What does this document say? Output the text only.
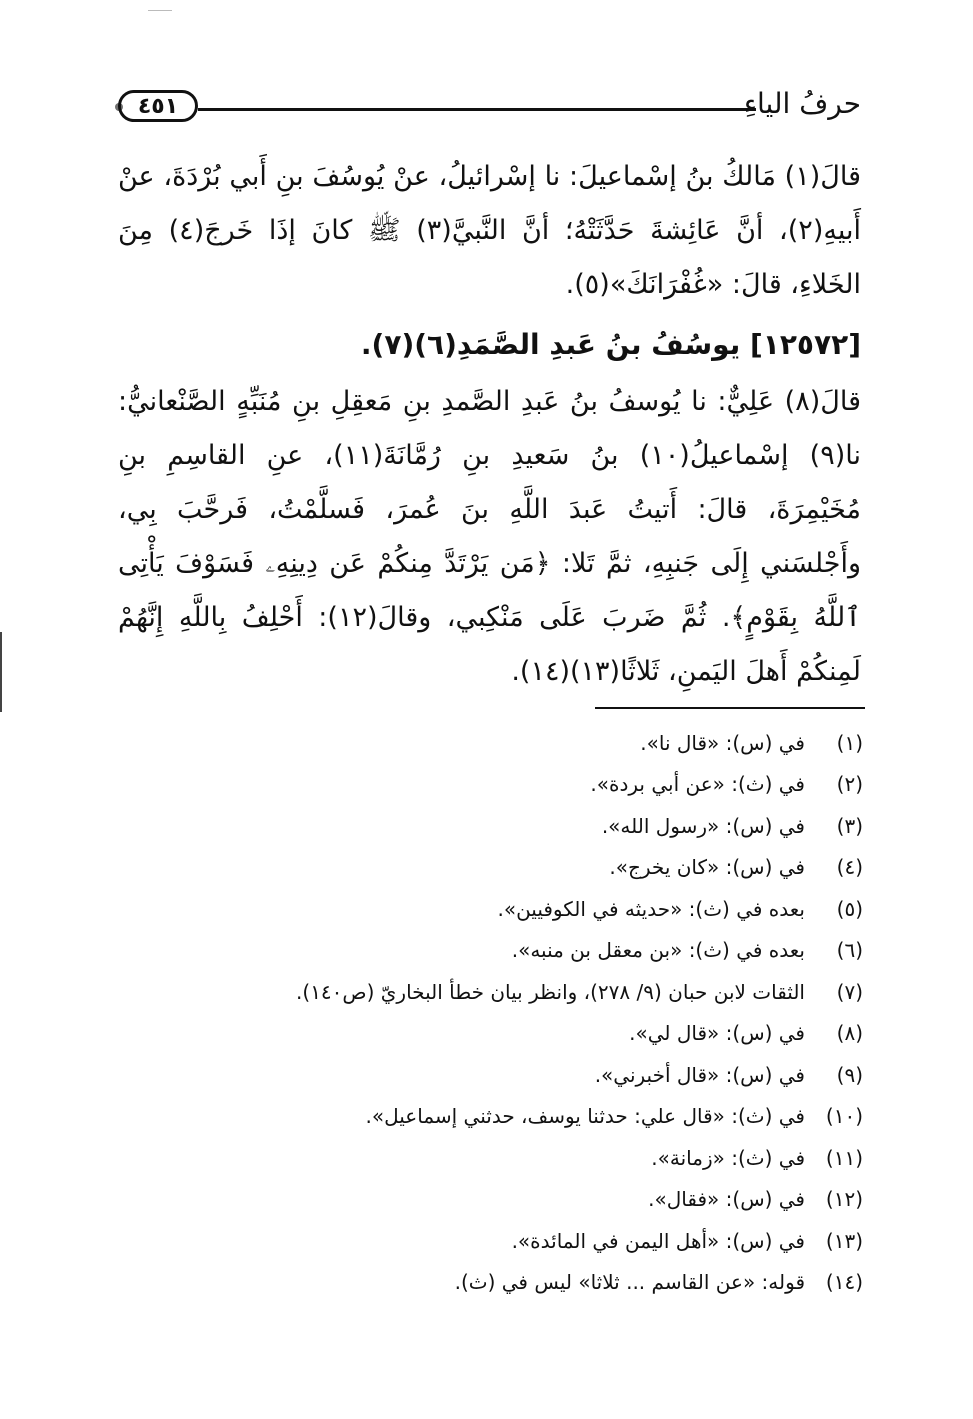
٤٥١	حرفُ الياءِ
قالَ(١) مَالكُ بنُ إسْماعيلَ: نا إسْرائيلُ، عنْ يُوسُفَ بنِ أَبي بُرْدَةَ، عنْ أَبيهِ(٢)، أنَّ عَائِشةَ حَدَّثَتْهُ؛ أنَّ النَّبيَّ(٣) ﷺ كانَ إذَا خَرجَ(٤) مِنَ الخَلاءِ، قالَ: «غُفْرَانَكَ»(٥).
[١٢٥٧٢] يوسُفُ بنُ عَبدِ الصَّمَدِ(٦)(٧).
قالَ(٨) عَلِيٌّ: نا يُوسفُ بنُ عَبدِ الصَّمدِ بنِ مَعقِلِ بنِ مُنَبِّهٍ الصَّنْعانيُّ: نا(٩) إسْماعيلُ(١٠) بنُ سَعيدِ بنِ رُمَّانَةَ(١١)، عنِ القاسِمِ بنِ مُخَيْمِرَةَ، قالَ: أَتيتُ عَبدَ اللَّهِ بنَ عُمرَ، فَسلَّمْتُ، فَرحَّبَ بِي، وأَجْلسَني إِلَى جَنبِهِ، ثمَّ تَلا: ﴿مَن يَرْتَدَّ مِنكُمْ عَن دِينِهِۦ فَسَوْفَ يَأْتِى ٱللَّهُ بِقَوْمٍ﴾. ثُمَّ ضَربَ عَلَى مَنْكِبي، وقالَ(١٢): أَحْلِفُ بِاللَّهِ إِنَّهُمْ لَمِنكُمْ أَهلَ اليَمنِ، ثَلاثًا(١٣)(١٤).
(١)
في (س): «قال نا».
(٢)
في (ث): «عن أبي بردة».
(٣)
في (س): «رسول الله».
(٤)
في (س): «كان يخرج».
(٥)
بعده في (ث): «حديثه في الكوفيين».
(٦)
بعده في (ث): «بن معقل بن منبه».
(٧)
الثقات لابن حبان (٩/ ٢٧٨)، وانظر بيان خطأ البخاريّ (ص١٤٠).
(٨)
في (س): «قال لي».
(٩)
في (س): «قال أخبرني».
(١٠)
في (ث): «قال علي: حدثنا يوسف، حدثني إسماعيل».
(١١)
في (ث): «زمانة».
(١٢)
في (س): «فقال».
(١٣)
في (س): «أهل اليمن في المائدة».
(١٤)
قوله: «عن القاسم ... ثلاثا» ليس في (ث).
